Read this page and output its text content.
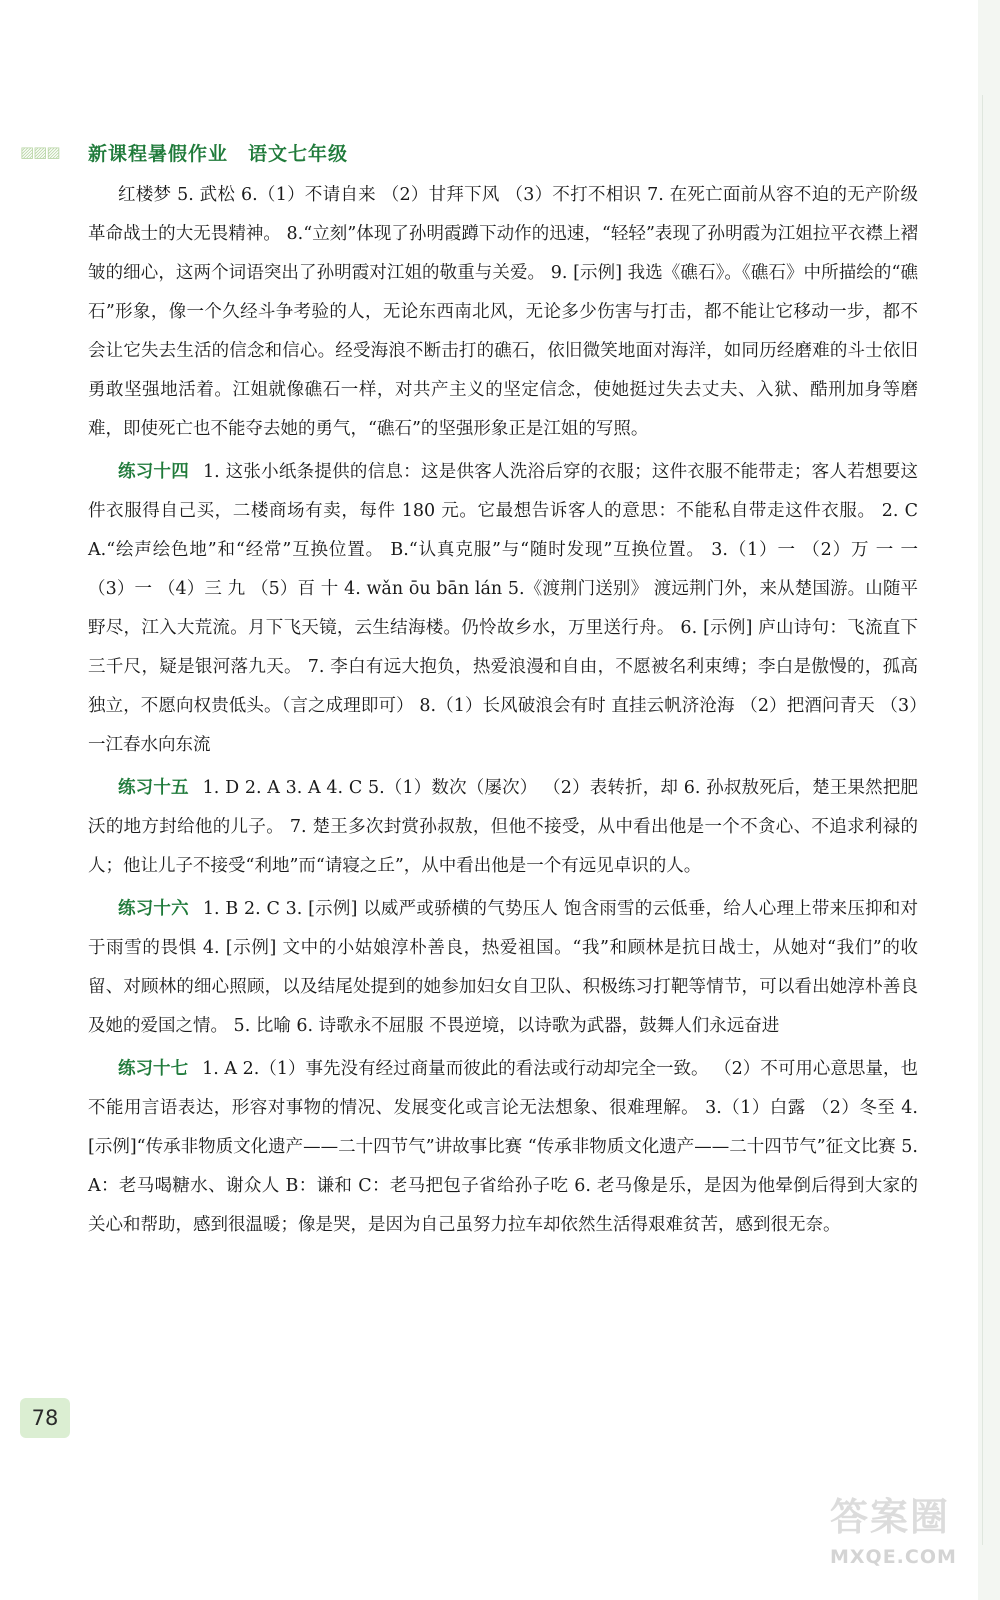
▨▨▨	新课程暑假作业 语文七年级

红楼梦 5. 武松 6.（1）不请自来 （2）甘拜下风 （3）不打不相识 7. 在死亡面前从容不迫的无产阶级革命战士的大无畏精神。 8.“立刻”体现了孙明霞蹲下动作的迅速，“轻轻”表现了孙明霞为江姐拉平衣襟上褶皱的细心，这两个词语突出了孙明霞对江姐的敬重与关爱。 9. [示例] 我选《礁石》。《礁石》中所描绘的“礁石”形象，像一个久经斗争考验的人，无论东西南北风，无论多少伤害与打击，都不能让它移动一步，都不会让它失去生活的信念和信心。经受海浪不断击打的礁石，依旧微笑地面对海洋，如同历经磨难的斗士依旧勇敢坚强地活着。江姐就像礁石一样，对共产主义的坚定信念，使她挺过失去丈夫、入狱、酷刑加身等磨难，即使死亡也不能夺去她的勇气，“礁石”的坚强形象正是江姐的写照。

练习十四 1. 这张小纸条提供的信息：这是供客人洗浴后穿的衣服；这件衣服不能带走；客人若想要这件衣服得自己买，二楼商场有卖，每件 180 元。它最想告诉客人的意思：不能私自带走这件衣服。 2. C A.“绘声绘色地”和“经常”互换位置。 B.“认真克服”与“随时发现”互换位置。 3.（1）一 （2）万 一 一 （3）一 （4）三 九 （5）百 十 4. wǎn ōu bān lán 5.《渡荆门送别》 渡远荆门外，来从楚国游。山随平野尽，江入大荒流。月下飞天镜，云生结海楼。仍怜故乡水，万里送行舟。 6. [示例] 庐山诗句：飞流直下三千尺，疑是银河落九天。 7. 李白有远大抱负，热爱浪漫和自由，不愿被名利束缚；李白是傲慢的，孤高独立，不愿向权贵低头。（言之成理即可） 8.（1）长风破浪会有时 直挂云帆济沧海 （2）把酒问青天 （3）一江春水向东流

练习十五 1. D 2. A 3. A 4. C 5.（1）数次（屡次） （2）表转折，却 6. 孙叔敖死后，楚王果然把肥沃的地方封给他的儿子。 7. 楚王多次封赏孙叔敖，但他不接受，从中看出他是一个不贪心、不追求利禄的人；他让儿子不接受“利地”而“请寝之丘”，从中看出他是一个有远见卓识的人。

练习十六 1. B 2. C 3. [示例] 以威严或骄横的气势压人 饱含雨雪的云低垂，给人心理上带来压抑和对于雨雪的畏惧 4. [示例] 文中的小姑娘淳朴善良，热爱祖国。“我”和顾林是抗日战士，从她对“我们”的收留、对顾林的细心照顾，以及结尾处提到的她参加妇女自卫队、积极练习打靶等情节，可以看出她淳朴善良及她的爱国之情。 5. 比喻 6. 诗歌永不屈服 不畏逆境，以诗歌为武器，鼓舞人们永远奋进

练习十七 1. A 2.（1）事先没有经过商量而彼此的看法或行动却完全一致。 （2）不可用心意思量，也不能用言语表达，形容对事物的情况、发展变化或言论无法想象、很难理解。 3.（1）白露 （2）冬至 4. [示例]“传承非物质文化遗产——二十四节气”讲故事比赛 “传承非物质文化遗产——二十四节气”征文比赛 5. A：老马喝糖水、谢众人 B：谦和 C：老马把包子省给孙子吃 6. 老马像是乐，是因为他晕倒后得到大家的关心和帮助，感到很温暖；像是哭，是因为自己虽努力拉车却依然生活得艰难贫苦，感到很无奈。

78
答案圈
MXQE.COM
